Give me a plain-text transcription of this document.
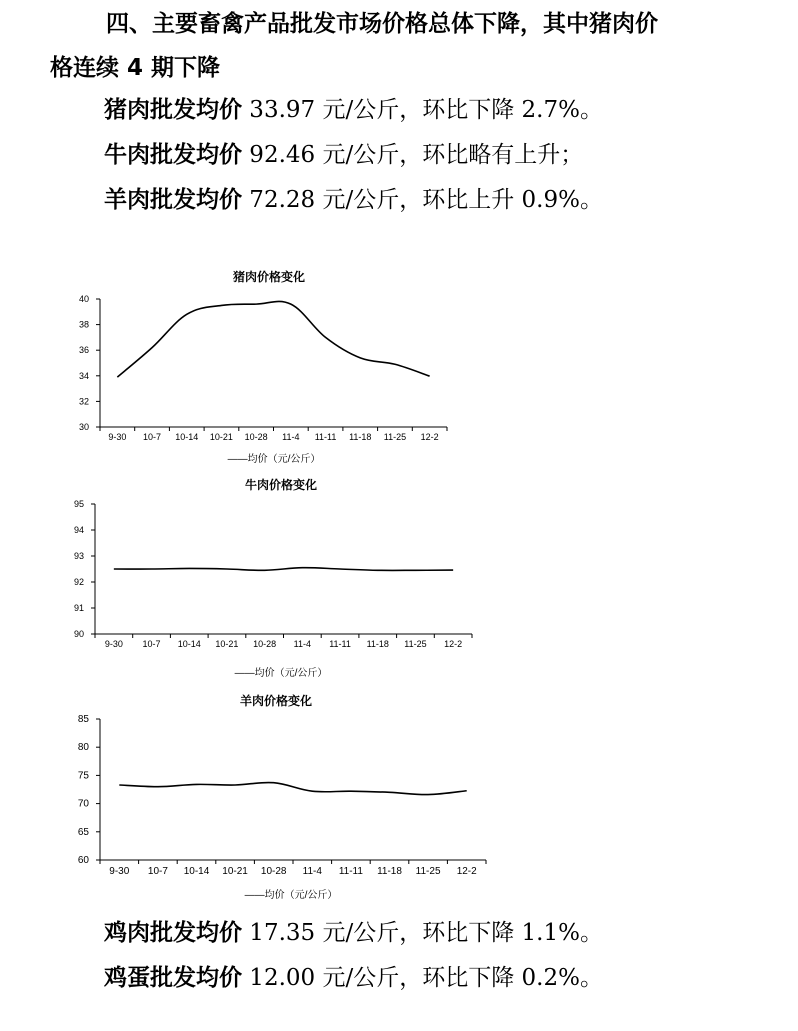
四、主要畜禽产品批发市场价格总体下降，其中猪肉价
格连续 4 期下降

猪肉批发均价 33.97 元/公斤，环比下降 2.7%。

牛肉批发均价 92.46 元/公斤，环比略有上升；

羊肉批发均价 72.28 元/公斤，环比上升 0.9%。

猪肉价格变化
30
32
34
36
38
40
9-30 10-7 10-14 10-21 10-28 11-4 11-11 11-18 11-25 12-2
——均价（元/公斤）
牛肉价格变化
90
91
92
93
94
95
9-30 10-7 10-14 10-21 10-28 11-4 11-11 11-18 11-25 12-2
——均价（元/公斤）
羊肉价格变化
60
65
70
75
80
85
9-30 10-7 10-14 10-21 10-28 11-4 11-11 11-18 11-25 12-2
——均价（元/公斤）

鸡肉批发均价 17.35 元/公斤，环比下降 1.1%。

鸡蛋批发均价 12.00 元/公斤，环比下降 0.2%。
